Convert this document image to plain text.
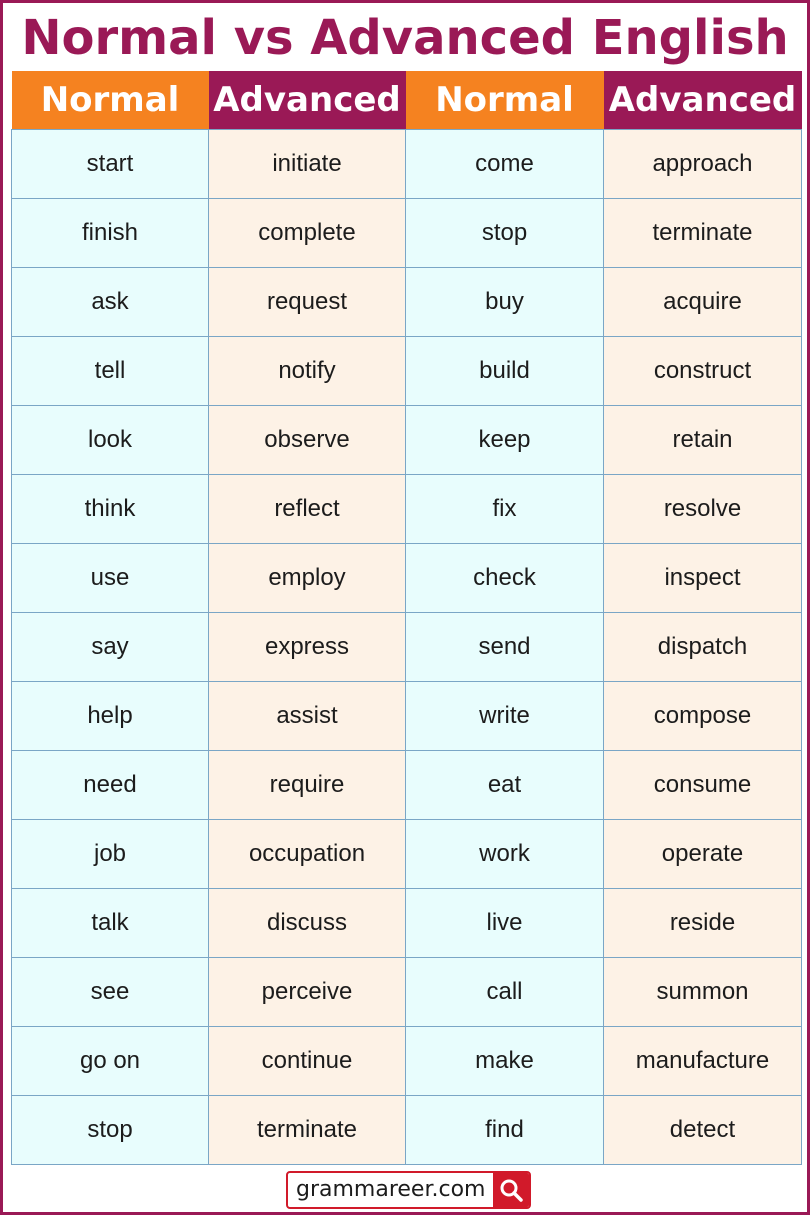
Normal vs Advanced English
Normal	Advanced	Normal	Advanced
start	initiate	come	approach
finish	complete	stop	terminate
ask	request	buy	acquire
tell	notify	build	construct
look	observe	keep	retain
think	reflect	fix	resolve
use	employ	check	inspect
say	express	send	dispatch
help	assist	write	compose
need	require	eat	consume
job	occupation	work	operate
talk	discuss	live	reside
see	perceive	call	summon
go on	continue	make	manufacture
stop	terminate	find	detect
grammareer.com
